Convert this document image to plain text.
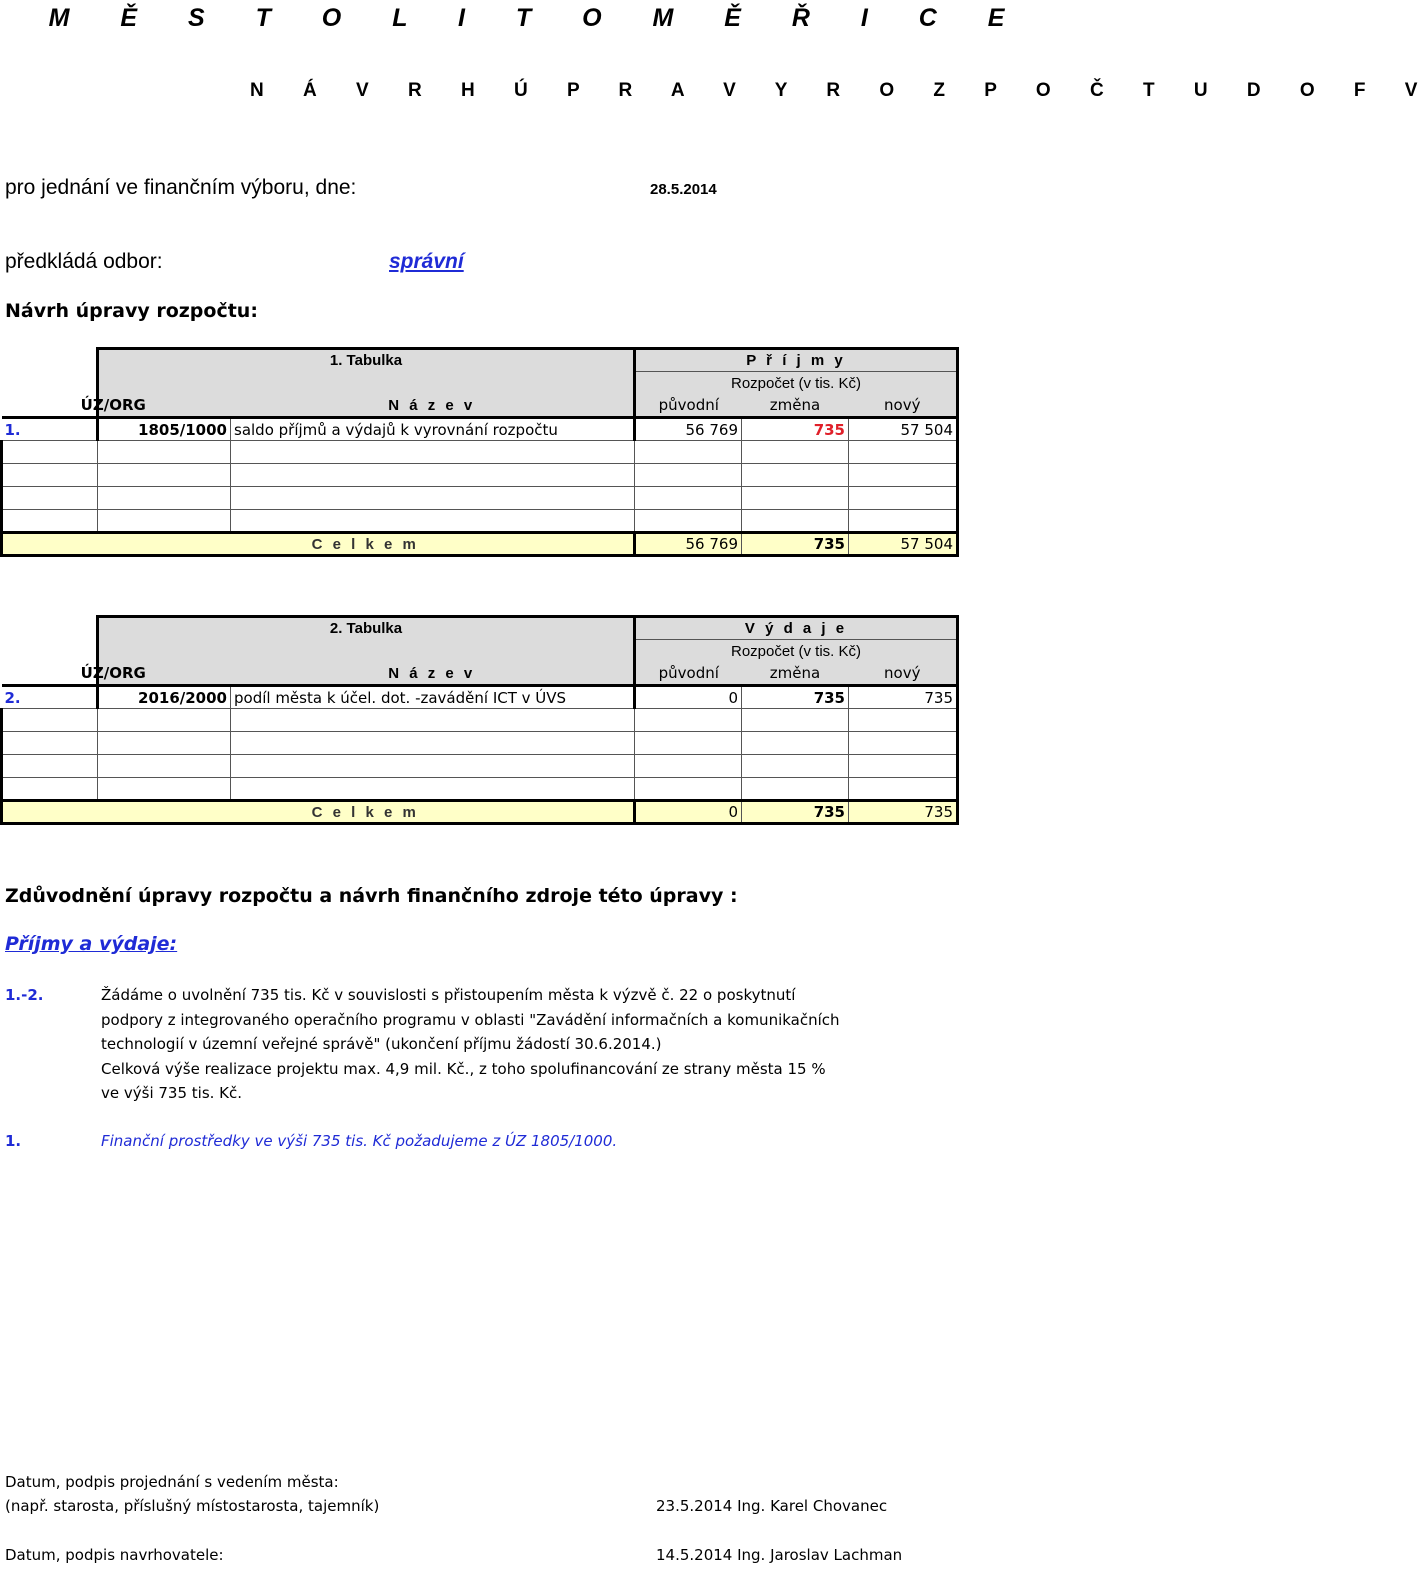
M Ě S T O L I T O M Ě Ř I C E
N Á V R H Ú P R A V Y R O Z P O Č T U D O F V
pro jednání ve finančním výboru, dne:	28.5.2014
předkládá odbor:	správní
Návrh úpravy rozpočtu:
	1. Tabulka		P ř í j m y		
			Rozpočet (v tis. Kč)		
	ÚZ/ORG	N á z e v	původní	změna	nový
1.	1805/1000	saldo příjmů a výdajů k vyrovnání rozpočtu	56 769	735	57 504

	C e l k e m		56 769	735	57 504
	2. Tabulka		V ý d a j e		
			Rozpočet (v tis. Kč)		
	ÚZ/ORG	N á z e v	původní	změna	nový
2.	2016/2000	podíl města k účel. dot. -zavádění ICT v ÚVS	0	735	735

	C e l k e m		0	735	735
Zdůvodnění úpravy rozpočtu a návrh finančního zdroje této úpravy :
Příjmy a výdaje:
1.-2.	Žádáme o uvolnění 735 tis. Kč v souvislosti s přistoupením města k výzvě č. 22 o poskytnutí
podpory z integrovaného operačního programu v oblasti "Zavádění informačních a komunikačních
technologií v územní veřejné správě" (ukončení příjmu žádostí 30.6.2014.)
Celková výše realizace projektu max. 4,9 mil. Kč., z toho spolufinancování ze strany města 15 %
ve výši 735 tis. Kč.
1.	Finanční prostředky ve výši 735 tis. Kč požadujeme z ÚZ 1805/1000.
Datum, podpis projednání s vedením města:
(např. starosta, příslušný místostarosta, tajemník)	23.5.2014 Ing. Karel Chovanec
Datum, podpis navrhovatele:	14.5.2014 Ing. Jaroslav Lachman
